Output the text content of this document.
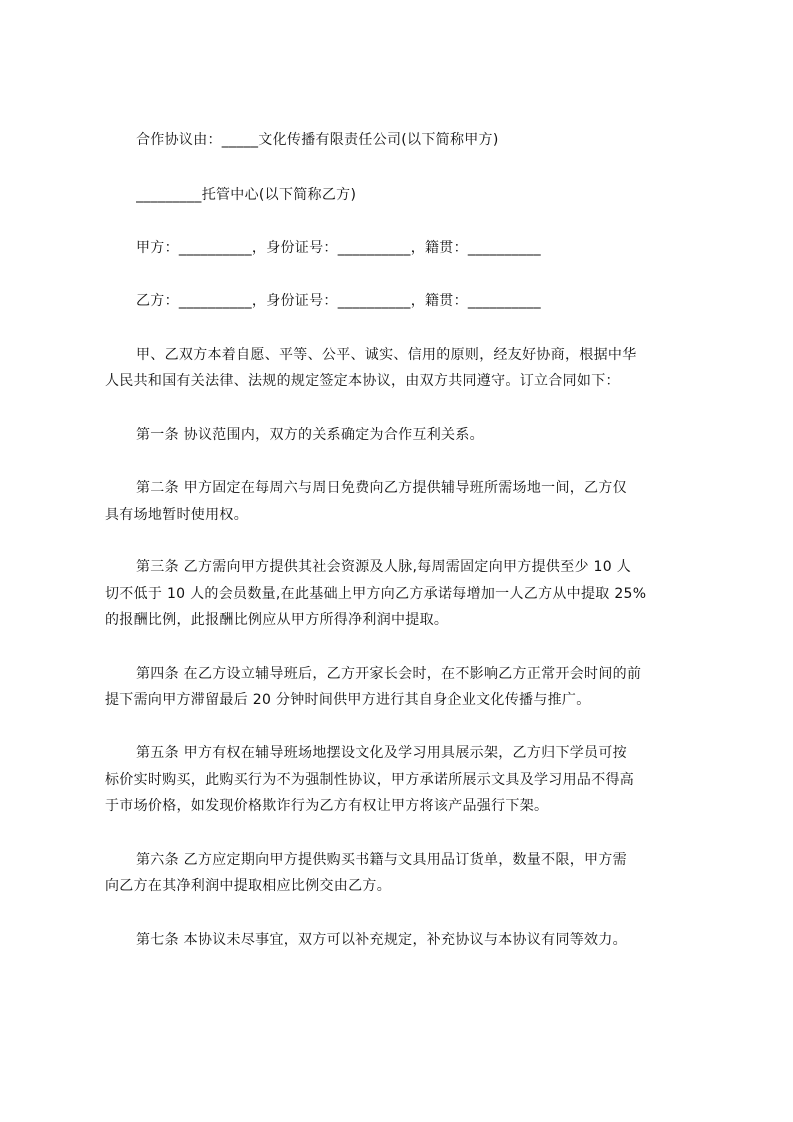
合作协议由：_____文化传播有限责任公司(以下简称甲方)
_________托管中心(以下简称乙方)
甲方：__________，身份证号：__________，籍贯：__________
乙方：__________，身份证号：__________，籍贯：__________
甲、乙双方本着自愿、平等、公平、诚实、信用的原则，经友好协商，根据中华
人民共和国有关法律、法规的规定签定本协议，由双方共同遵守。订立合同如下：
第一条 协议范围内，双方的关系确定为合作互利关系。
第二条 甲方固定在每周六与周日免费向乙方提供辅导班所需场地一间，乙方仅
具有场地暂时使用权。
第三条 乙方需向甲方提供其社会资源及人脉,每周需固定向甲方提供至少 10 人
切不低于 10 人的会员数量,在此基础上甲方向乙方承诺每增加一人乙方从中提取 25%
的报酬比例，此报酬比例应从甲方所得净利润中提取。
第四条 在乙方设立辅导班后，乙方开家长会时，在不影响乙方正常开会时间的前
提下需向甲方滞留最后 20 分钟时间供甲方进行其自身企业文化传播与推广。
第五条 甲方有权在辅导班场地摆设文化及学习用具展示架，乙方归下学员可按
标价实时购买，此购买行为不为强制性协议，甲方承诺所展示文具及学习用品不得高
于市场价格，如发现价格欺诈行为乙方有权让甲方将该产品强行下架。
第六条 乙方应定期向甲方提供购买书籍与文具用品订货单，数量不限，甲方需
向乙方在其净利润中提取相应比例交由乙方。
第七条 本协议未尽事宜，双方可以补充规定，补充协议与本协议有同等效力。
